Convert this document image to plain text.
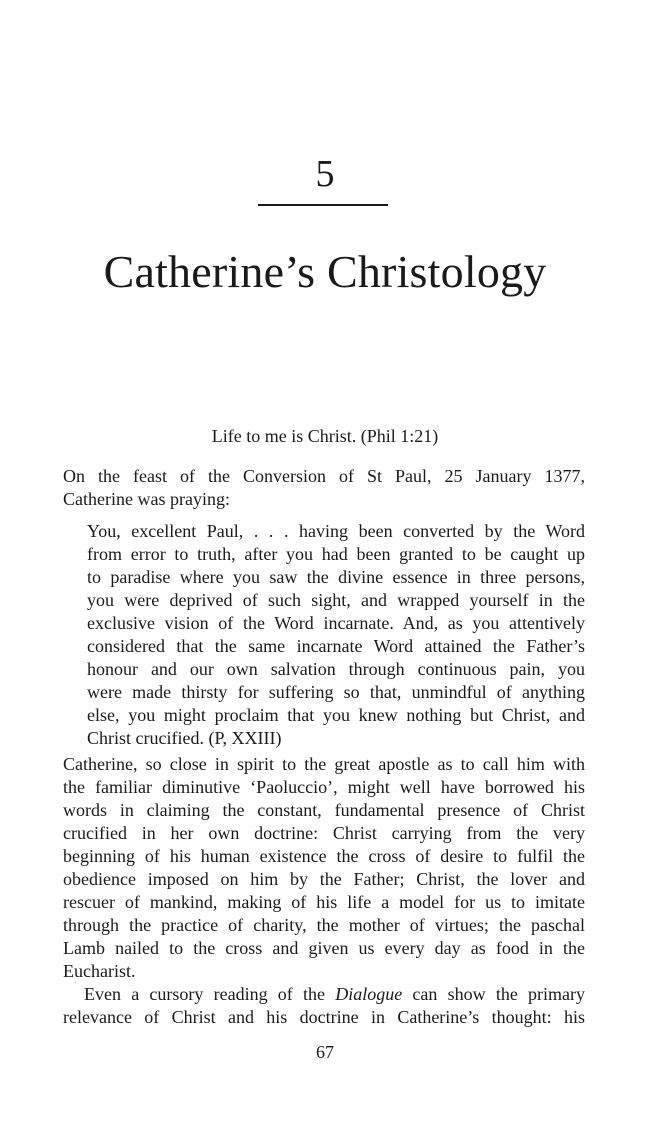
5
Catherine’s Christology
Life to me is Christ. (Phil 1:21)

On the feast of the Conversion of St Paul, 25 January 1377,
Catherine was praying:

You, excellent Paul, . . . having been converted by the Word
from error to truth, after you had been granted to be caught up
to paradise where you saw the divine essence in three persons,
you were deprived of such sight, and wrapped yourself in the
exclusive vision of the Word incarnate. And, as you attentively
considered that the same incarnate Word attained the Father’s
honour and our own salvation through continuous pain, you
were made thirsty for suffering so that, unmindful of anything
else, you might proclaim that you knew nothing but Christ, and
Christ crucified. (P, XXIII)

Catherine, so close in spirit to the great apostle as to call him with
the familiar diminutive ‘Paoluccio’, might well have borrowed his
words in claiming the constant, fundamental presence of Christ
crucified in her own doctrine: Christ carrying from the very
beginning of his human existence the cross of desire to fulfil the
obedience imposed on him by the Father; Christ, the lover and
rescuer of mankind, making of his life a model for us to imitate
through the practice of charity, the mother of virtues; the paschal
Lamb nailed to the cross and given us every day as food in the
Eucharist.

Even a cursory reading of the Dialogue can show the primary
relevance of Christ and his doctrine in Catherine’s thought: his

67
